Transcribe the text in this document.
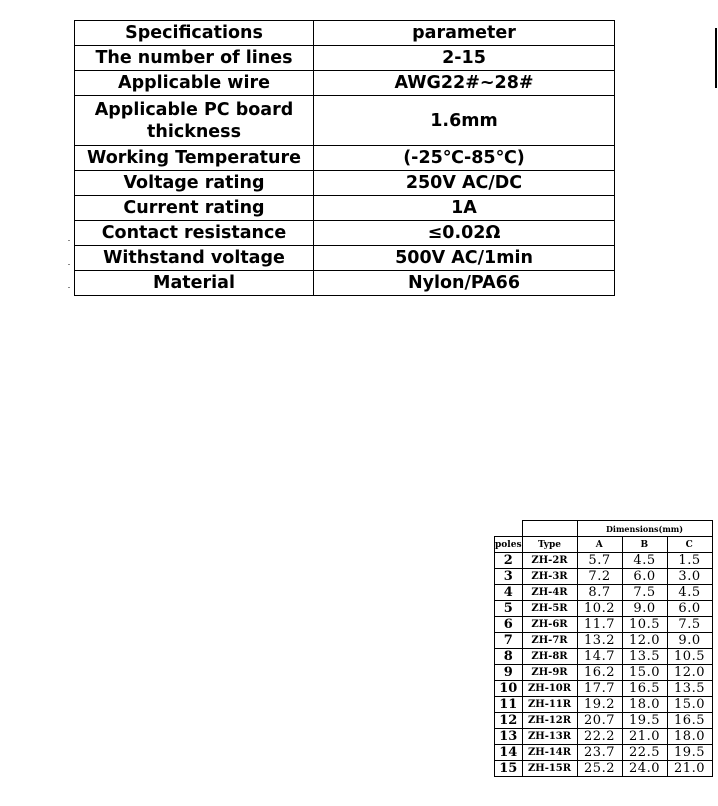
Specifications	parameter
The number of lines	2-15
Applicable wire	AWG22#~28#
Applicable PC board thickness	1.6mm
Working Temperature	(-25℃-85℃)
Voltage rating	250V AC/DC
Current rating	1A
Contact resistance	≤0.02Ω
Withstand voltage	500V AC/1min
Material	Nylon/PA66
		Dimensions(mm)		
poles	Type	A	B	C
2	ZH-2R	5.7	4.5	1.5
3	ZH-3R	7.2	6.0	3.0
4	ZH-4R	8.7	7.5	4.5
5	ZH-5R	10.2	9.0	6.0
6	ZH-6R	11.7	10.5	7.5
7	ZH-7R	13.2	12.0	9.0
8	ZH-8R	14.7	13.5	10.5
9	ZH-9R	16.2	15.0	12.0
10	ZH-10R	17.7	16.5	13.5
11	ZH-11R	19.2	18.0	15.0
12	ZH-12R	20.7	19.5	16.5
13	ZH-13R	22.2	21.0	18.0
14	ZH-14R	23.7	22.5	19.5
15	ZH-15R	25.2	24.0	21.0
